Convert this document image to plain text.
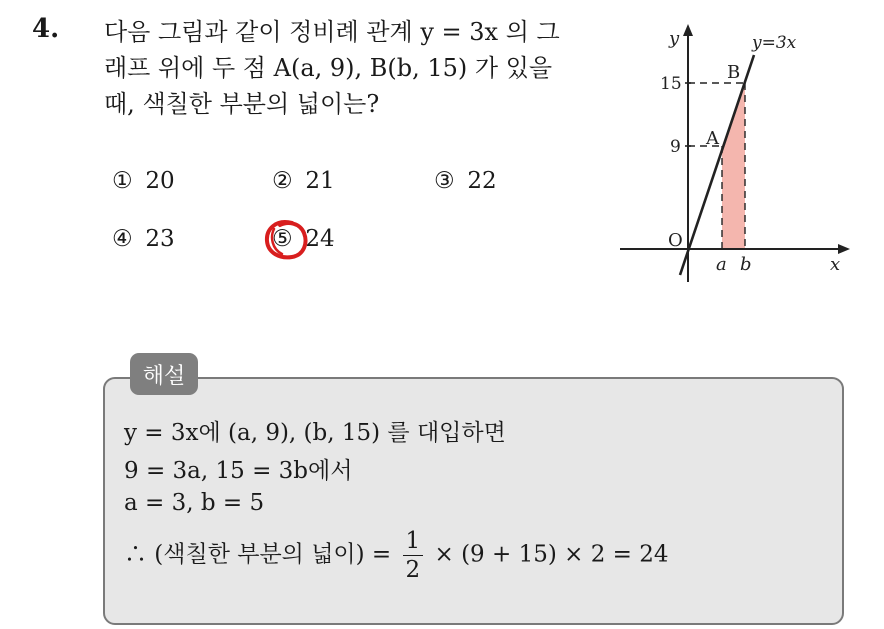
4. 다음 그림과 같이 정비례 관계 y = 3x 의 그
래프 위에 두 점 A(a, 9), B(b, 15) 가 있을
때, 색칠한 부분의 넓이는?
① 20	② 21	③ 22
④ 23	⑤ 24
y	y=3x
B
15
A
9
O
a b	x
해설
y = 3x에 (a, 9), (b, 15) 를 대입하면
9 = 3a, 15 = 3b에서
a = 3, b = 5
∴ (색칠한 부분의 넓이) = $\frac{1}{2} \times (9 + 15) \times 2 = 24$
